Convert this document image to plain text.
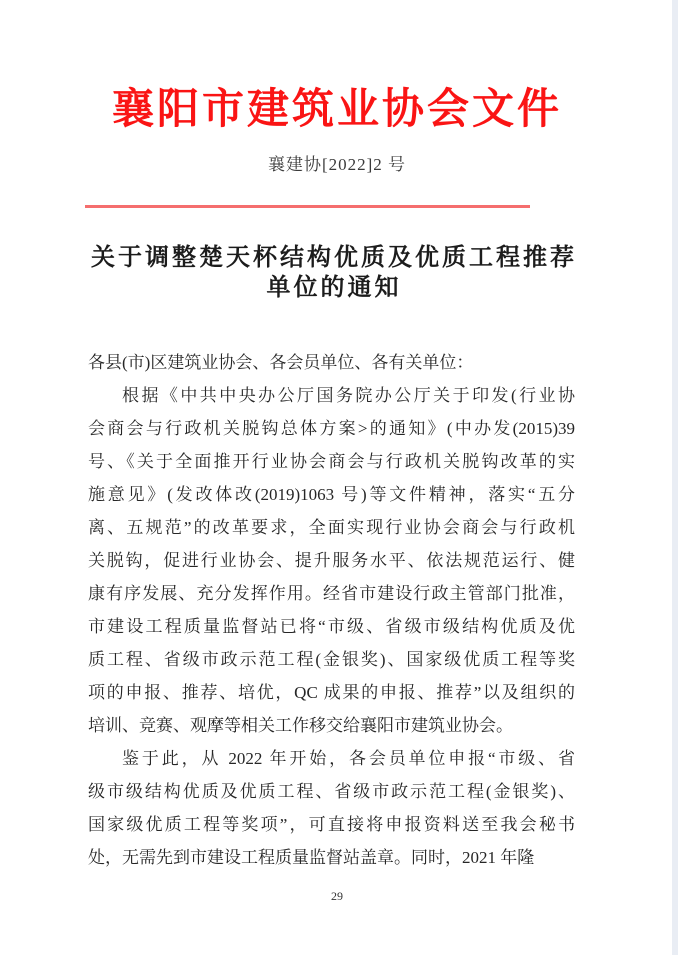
襄阳市建筑业协会文件
襄建协[2022]2 号
关于调整楚天杯结构优质及优质工程推荐
单位的通知
各县(市)区建筑业协会、各会员单位、各有关单位：
根据《中共中央办公厅国务院办公厅关于印发(行业协
会商会与行政机关脱钩总体方案>的通知》(中办发(2015)39
号、《关于全面推开行业协会商会与行政机关脱钩改革的实
施意见》(发改体改(2019)1063 号)等文件精神，落实“五分
离、五规范”的改革要求，全面实现行业协会商会与行政机
关脱钩，促进行业协会、提升服务水平、依法规范运行、健
康有序发展、充分发挥作用。经省市建设行政主管部门批准，
市建设工程质量监督站已将“市级、省级市级结构优质及优
质工程、省级市政示范工程(金银奖)、国家级优质工程等奖
项的申报、推荐、培优，QC 成果的申报、推荐”以及组织的
培训、竞赛、观摩等相关工作移交给襄阳市建筑业协会。
鉴于此，从 2022 年开始，各会员单位申报“市级、省
级市级结构优质及优质工程、省级市政示范工程(金银奖)、
国家级优质工程等奖项”，可直接将申报资料送至我会秘书
处，无需先到市建设工程质量监督站盖章。同时，2021 年隆
29
